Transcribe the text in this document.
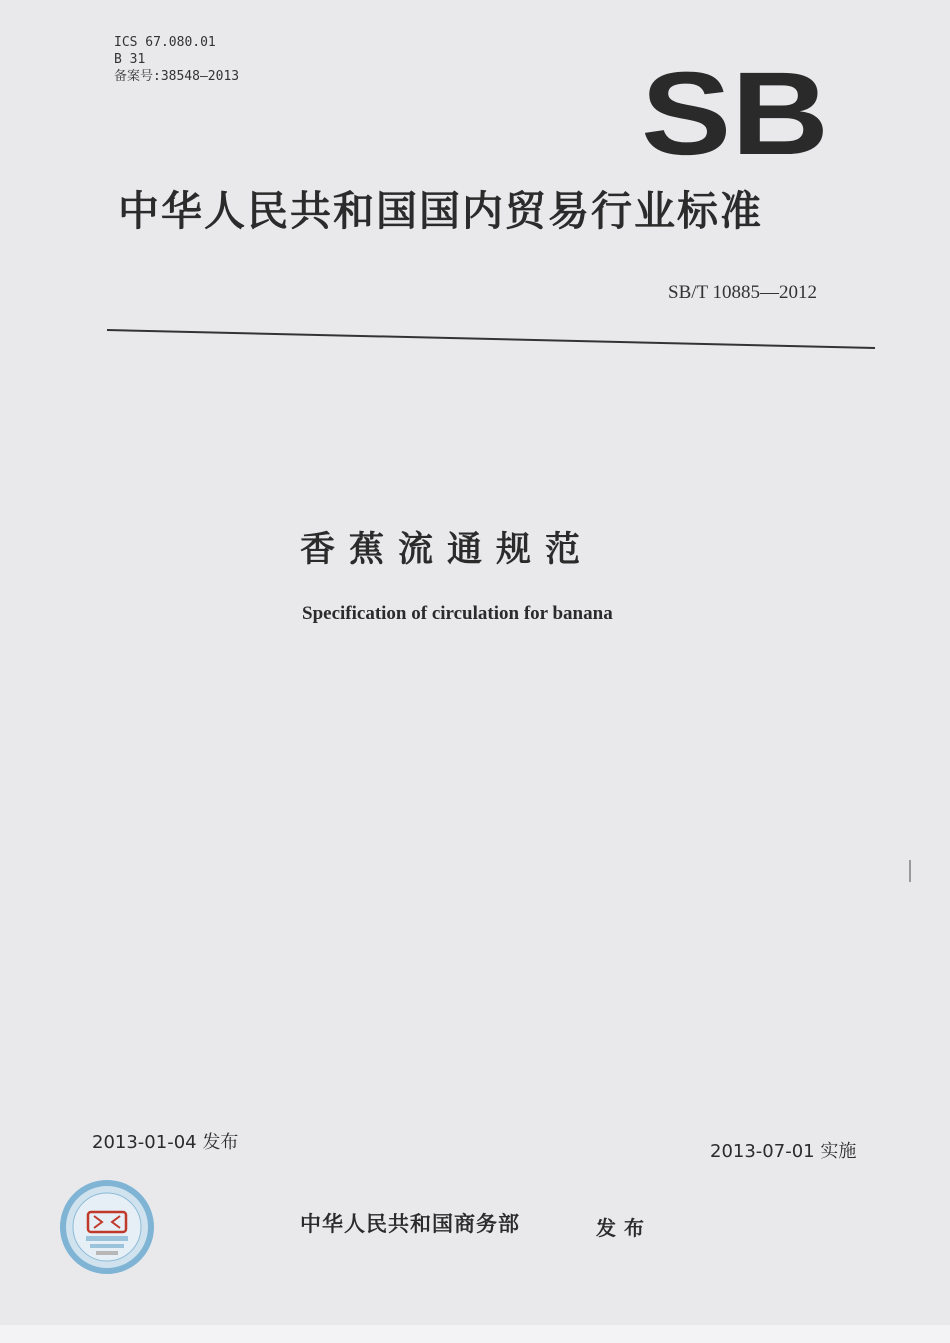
ICS 67.080.01
B 31
备案号:38548—2013	SB
中华人民共和国国内贸易行业标准
SB/T 10885—2012
香蕉流通规范
Specification of circulation for banana
2013-01-04 发布	2013-07-01 实施
中华人民共和国商务部	发布
